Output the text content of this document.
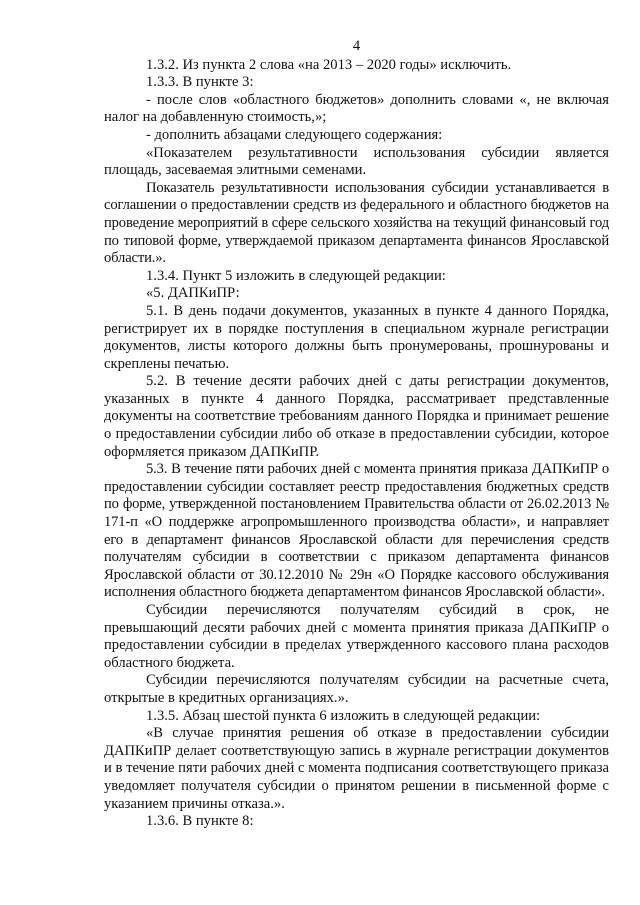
4

1.3.2. Из пункта 2 слова «на 2013 – 2020 годы» исключить.

1.3.3. В пункте 3:

- после слов «областного бюджетов» дополнить словами «, не включая налог на добавленную стоимость,»;

- дополнить абзацами следующего содержания:

«Показателем результативности использования субсидии является площадь, засеваемая элитными семенами.

Показатель результативности использования субсидии устанавливается в соглашении о предоставлении средств из федерального и областного бюджетов на проведение мероприятий в сфере сельского хозяйства на текущий финансовый год по типовой форме, утверждаемой приказом департамента финансов Ярославской области.».

1.3.4. Пункт 5 изложить в следующей редакции:

«5. ДАПКиПР:

5.1. В день подачи документов, указанных в пункте 4 данного Порядка, регистрирует их в порядке поступления в специальном журнале регистрации документов, листы которого должны быть пронумерованы, прошнурованы и скреплены печатью.

5.2. В течение десяти рабочих дней с даты регистрации документов, указанных в пункте 4 данного Порядка, рассматривает представленные документы на соответствие требованиям данного Порядка и принимает решение о предоставлении субсидии либо об отказе в предоставлении субсидии, которое оформляется приказом ДАПКиПР.

5.3. В течение пяти рабочих дней с момента принятия приказа ДАПКиПР о предоставлении субсидии составляет реестр предоставления бюджетных средств по форме, утвержденной постановлением Правительства области от 26.02.2013 № 171-п «О поддержке агропромышленного производства области», и направляет его в департамент финансов Ярославской области для перечисления средств получателям субсидии в соответствии с приказом департамента финансов Ярославской области от 30.12.2010 № 29н «О Порядке кассового обслуживания исполнения областного бюджета департаментом финансов Ярославской области».

Субсидии перечисляются получателям субсидий в срок, не превышающий десяти рабочих дней с момента принятия приказа ДАПКиПР о предоставлении субсидии в пределах утвержденного кассового плана расходов областного бюджета.

Субсидии перечисляются получателям субсидии на расчетные счета, открытые в кредитных организациях.».

1.3.5. Абзац шестой пункта 6 изложить в следующей редакции:

«В случае принятия решения об отказе в предоставлении субсидии ДАПКиПР делает соответствующую запись в журнале регистрации документов и в течение пяти рабочих дней с момента подписания соответствующего приказа уведомляет получателя субсидии о принятом решении в письменной форме с указанием причины отказа.».

1.3.6. В пункте 8:
